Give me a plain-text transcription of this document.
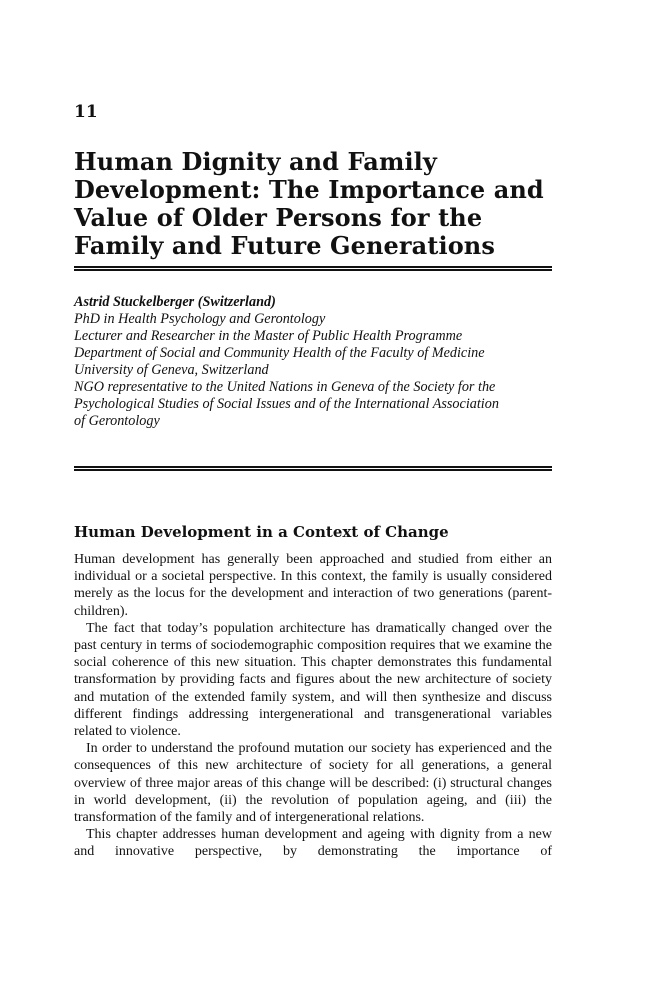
11
Human Dignity and Family Development: The Importance and Value of Older Persons for the Family and Future Generations
Astrid Stuckelberger (Switzerland)
PhD in Health Psychology and Gerontology
Lecturer and Researcher in the Master of Public Health Programme
Department of Social and Community Health of the Faculty of Medicine
University of Geneva, Switzerland
NGO representative to the United Nations in Geneva of the Society for the
Psychological Studies of Social Issues and of the International Association
of Gerontology
Human Development in a Context of Change

Human development has generally been approached and studied from either an individual or a societal perspective. In this context, the family is usually considered merely as the locus for the development and interaction of two generations (parent-children).

The fact that today’s population architecture has dramatically changed over the past century in terms of sociodemographic composition requires that we examine the social coherence of this new situation. This chapter demonstrates this fundamental transformation by providing facts and figures about the new architecture of society and mutation of the extended family system, and will then synthesize and discuss different findings addressing intergenerational and transgenerational variables related to violence.

In order to understand the profound mutation our society has experienced and the consequences of this new architecture of society for all generations, a general overview of three major areas of this change will be described: (i) structural changes in world development, (ii) the revolution of population ageing, and (iii) the transformation of the family and of intergenerational relations.

This chapter addresses human development and ageing with dignity from a new and innovative perspective, by demonstrating the importance of
